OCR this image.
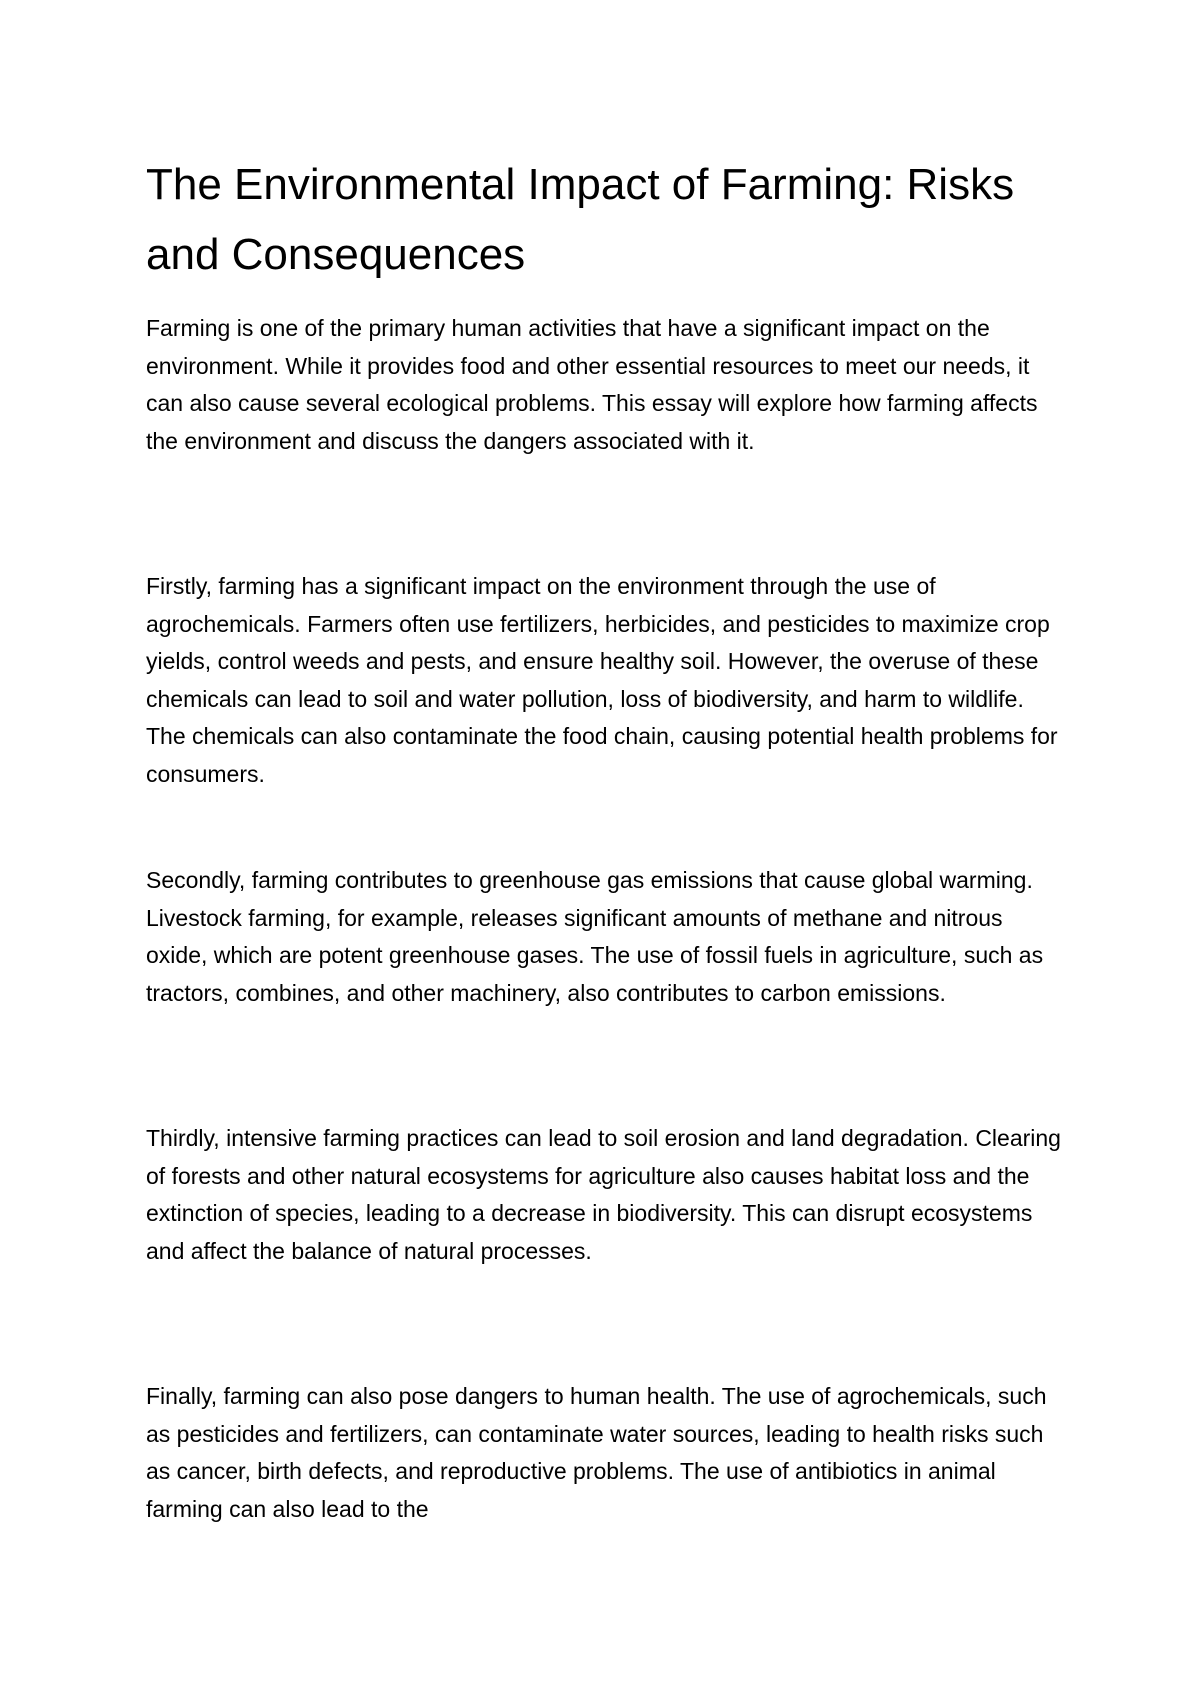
The Environmental Impact of Farming: Risks and Consequences

Farming is one of the primary human activities that have a significant impact on the environment. While it provides food and other essential resources to meet our needs, it can also cause several ecological problems. This essay will explore how farming affects the environment and discuss the dangers associated with it.

Firstly, farming has a significant impact on the environment through the use of agrochemicals. Farmers often use fertilizers, herbicides, and pesticides to maximize crop yields, control weeds and pests, and ensure healthy soil. However, the overuse of these chemicals can lead to soil and water pollution, loss of biodiversity, and harm to wildlife. The chemicals can also contaminate the food chain, causing potential health problems for consumers.

Secondly, farming contributes to greenhouse gas emissions that cause global warming. Livestock farming, for example, releases significant amounts of methane and nitrous oxide, which are potent greenhouse gases. The use of fossil fuels in agriculture, such as tractors, combines, and other machinery, also contributes to carbon emissions.

Thirdly, intensive farming practices can lead to soil erosion and land degradation. Clearing of forests and other natural ecosystems for agriculture also causes habitat loss and the extinction of species, leading to a decrease in biodiversity. This can disrupt ecosystems and affect the balance of natural processes.

Finally, farming can also pose dangers to human health. The use of agrochemicals, such as pesticides and fertilizers, can contaminate water sources, leading to health risks such as cancer, birth defects, and reproductive problems. The use of antibiotics in animal farming can also lead to the
